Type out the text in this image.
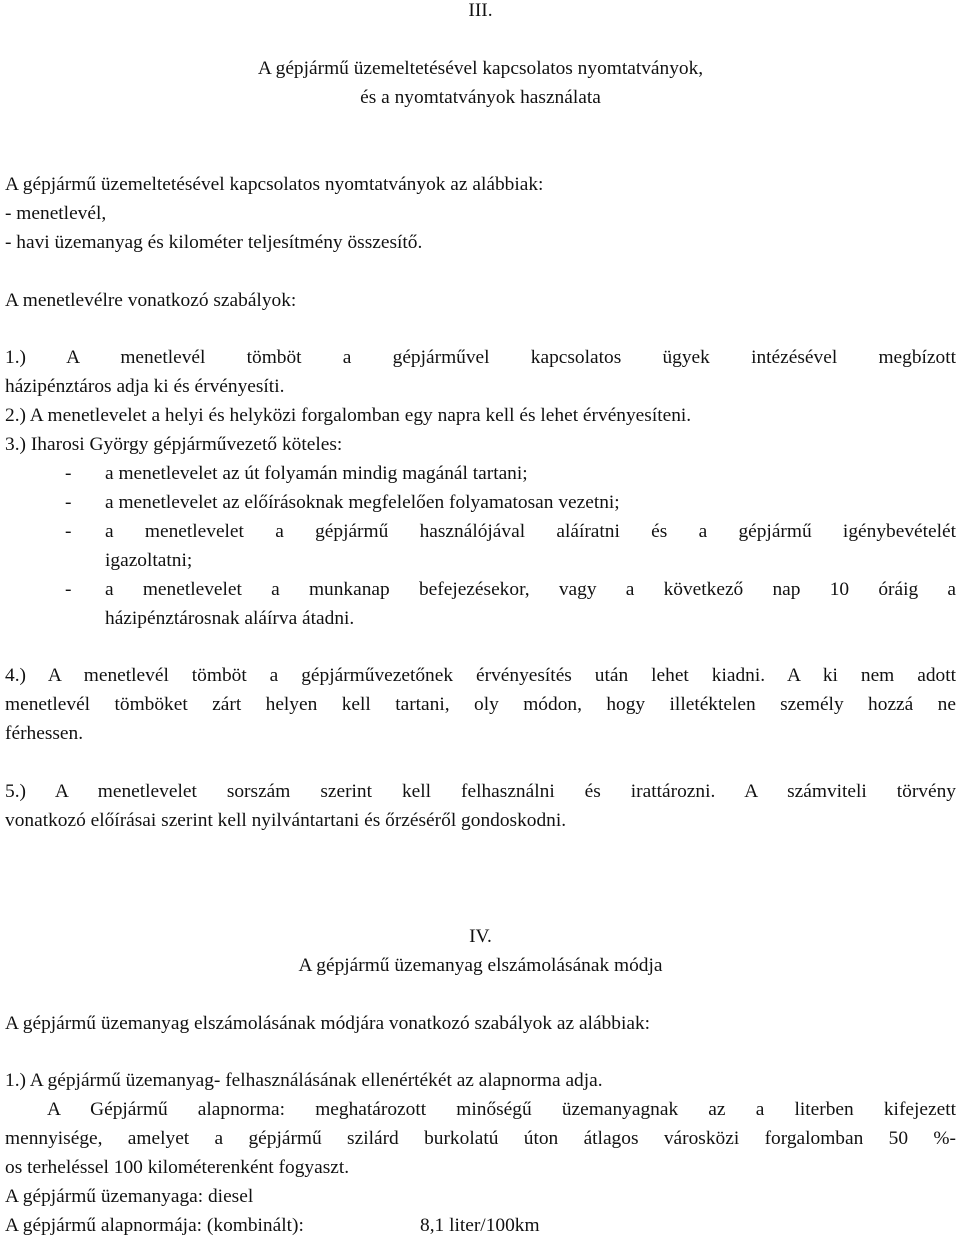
III.
A gépjármű üzemeltetésével kapcsolatos nyomtatványok,
és a nyomtatványok használata
A gépjármű üzemeltetésével kapcsolatos nyomtatványok az alábbiak:
- menetlevél,
- havi üzemanyag és kilométer teljesítmény összesítő.
A menetlevélre vonatkozó szabályok:
1.) A menetlevél tömböt a gépjárművel kapcsolatos ügyek intézésével megbízott
házipénztáros adja ki és érvényesíti.
2.) A menetlevelet a helyi és helyközi forgalomban egy napra kell és lehet érvényesíteni.
3.) Iharosi György gépjárművezető köteles:
- a menetlevelet az út folyamán mindig magánál tartani;
- a menetlevelet az előírásoknak megfelelően folyamatosan vezetni;
- a menetlevelet a gépjármű használójával aláíratni és a gépjármű igénybevételét
igazoltatni;
- a menetlevelet a munkanap befejezésekor, vagy a következő nap 10 óráig a
házipénztárosnak aláírva átadni.
4.) A menetlevél tömböt a gépjárművezetőnek érvényesítés után lehet kiadni. A ki nem adott
menetlevél tömböket zárt helyen kell tartani, oly módon, hogy illetéktelen személy hozzá ne
férhessen.
5.) A menetlevelet sorszám szerint kell felhasználni és irattározni. A számviteli törvény
vonatkozó előírásai szerint kell nyilvántartani és őrzéséről gondoskodni.
IV.
A gépjármű üzemanyag elszámolásának módja
A gépjármű üzemanyag elszámolásának módjára vonatkozó szabályok az alábbiak:
1.) A gépjármű üzemanyag- felhasználásának ellenértékét az alapnorma adja.
A Gépjármű alapnorma: meghatározott minőségű üzemanyagnak az a literben kifejezett
mennyisége, amelyet a gépjármű szilárd burkolatú úton átlagos városközi forgalomban 50 %-
os terheléssel 100 kilométerenként fogyaszt.
A gépjármű üzemanyaga: diesel
A gépjármű alapnormája: (kombinált):	8,1 liter/100km
